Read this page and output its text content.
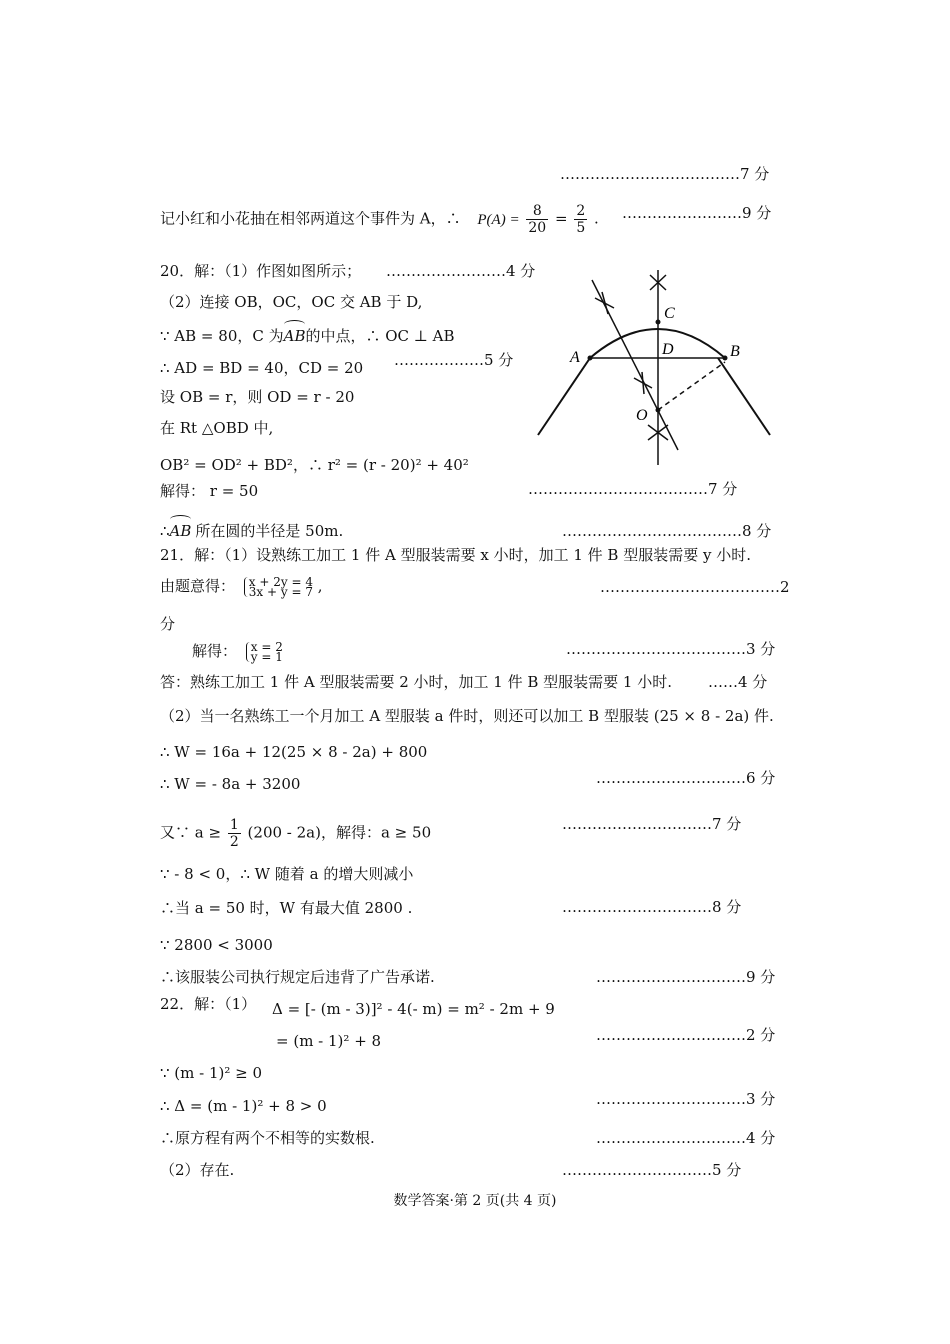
………………………………7 分
记小红和小花抽在相邻两道这个事件为 A，∴ $P(A) = \frac{8}{20} = \frac{2}{5}$ . ……………………9 分
20．解：（1）作图如图所示； ……………………4 分
（2）连接 OB，OC，OC 交 AB 于 D,
∵ AB = 80，C 为AB的中点，∴ OC ⊥ AB
∴ AD = BD = 40，CD = 20 ………………5 分
设 OB = r，则 OD = r - 20
在 Rt △OBD 中,
OB² = OD² + BD²，∴ r² = (r - 20)² + 40²
解得： r = 50	………………………………7 分
∴AB 所在圆的半径是 50m.	………………………………8 分
A	B
C
D
O
21．解：（1）设熟练工加工 1 件 A 型服装需要 x 小时，加工 1 件 B 型服装需要 y 小时.
由题意得： x + 2y = 4
3x + y = 7 ,	………………………………2
分
解得： x = 2
y = 1	………………………………3 分
答：熟练工加工 1 件 A 型服装需要 2 小时，加工 1 件 B 型服装需要 1 小时. ……4 分
（2）当一名熟练工一个月加工 A 型服装 a 件时，则还可以加工 B 型服装 (25 × 8 - 2a) 件.
∴ W = 16a + 12(25 × 8 - 2a) + 800
∴ W = - 8a + 3200	…………………………6 分
又∵ $a \ge \frac{1}{2} (200 - 2a)$，解得：a ≥ 50	…………………………7 分
∵ - 8 < 0，∴ W 随着 a 的增大则减小
∴当 a = 50 时，W 有最大值 2800 .	…………………………8 分
∵ 2800 < 3000
∴该服装公司执行规定后违背了广告承诺.	…………………………9 分
22．解：（1） Δ = [- (m - 3)]² - 4(- m) = m² - 2m + 9
= (m - 1)² + 8	…………………………2 分
∵ (m - 1)² ≥ 0
∴ Δ = (m - 1)² + 8 > 0	…………………………3 分
∴原方程有两个不相等的实数根.	…………………………4 分
（2）存在.	…………………………5 分
数学答案·第 2 页(共 4 页)
